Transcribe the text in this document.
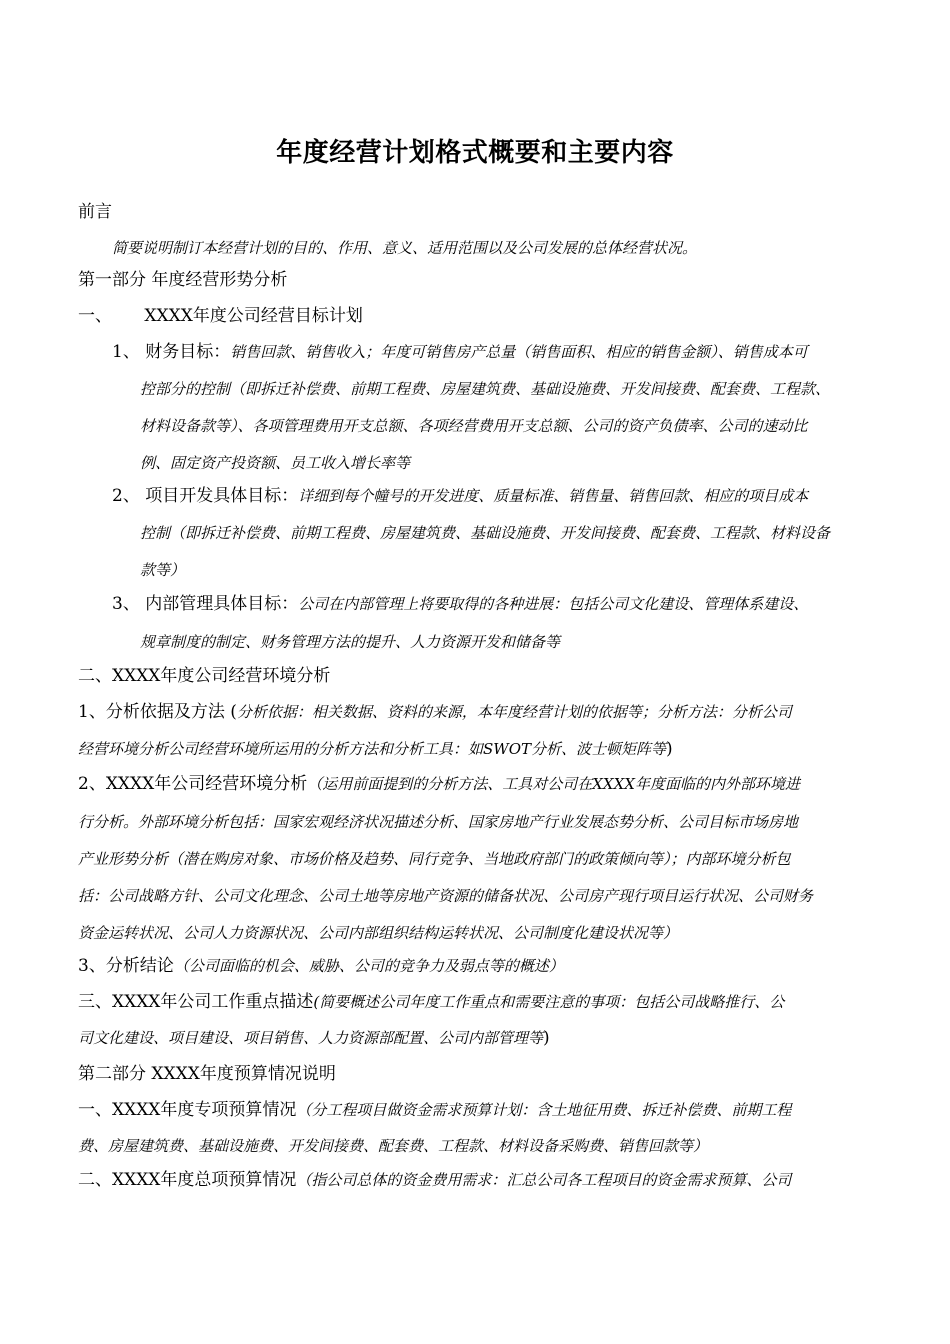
年度经营计划格式概要和主要内容
前言
简要说明制订本经营计划的目的、作用、意义、适用范围以及公司发展的总体经营状况。
第一部分 年度经营形势分析
一、      XXXX年度公司经营目标计划
1、 财务目标：销售回款、销售收入；年度可销售房产总量（销售面积、相应的销售金额）、销售成本可
控部分的控制（即拆迁补偿费、前期工程费、房屋建筑费、基础设施费、开发间接费、配套费、工程款、
材料设备款等）、各项管理费用开支总额、各项经营费用开支总额、公司的资产负债率、公司的速动比
例、固定资产投资额、员工收入增长率等
2、 项目开发具体目标：详细到每个幢号的开发进度、质量标准、销售量、销售回款、相应的项目成本
控制（即拆迁补偿费、前期工程费、房屋建筑费、基础设施费、开发间接费、配套费、工程款、材料设备
款等）
3、 内部管理具体目标：公司在内部管理上将要取得的各种进展：包括公司文化建设、管理体系建设、
规章制度的制定、财务管理方法的提升、人力资源开发和储备等
二、XXXX年度公司经营环境分析
1、分析依据及方法 (分析依据：相关数据、资料的来源，本年度经营计划的依据等；分析方法：分析公司
经营环境分析公司经营环境所运用的分析方法和分析工具：如SWOT分析、波士顿矩阵等)
2、XXXX年公司经营环境分析（运用前面提到的分析方法、工具对公司在XXXX年度面临的内外部环境进
行分析。外部环境分析包括：国家宏观经济状况描述分析、国家房地产行业发展态势分析、公司目标市场房地
产业形势分析（潜在购房对象、市场价格及趋势、同行竞争、当地政府部门的政策倾向等）；内部环境分析包
括：公司战略方针、公司文化理念、公司土地等房地产资源的储备状况、公司房产现行项目运行状况、公司财务
资金运转状况、公司人力资源状况、公司内部组织结构运转状况、公司制度化建设状况等）
3、分析结论（公司面临的机会、威胁、公司的竞争力及弱点等的概述）
三、XXXX年公司工作重点描述(简要概述公司年度工作重点和需要注意的事项：包括公司战略推行、公
司文化建设、项目建设、项目销售、人力资源部配置、公司内部管理等)
第二部分 XXXX年度预算情况说明
一、XXXX年度专项预算情况（分工程项目做资金需求预算计划：含土地征用费、拆迁补偿费、前期工程
费、房屋建筑费、基础设施费、开发间接费、配套费、工程款、材料设备采购费、销售回款等）
二、XXXX年度总项预算情况（指公司总体的资金费用需求：汇总公司各工程项目的资金需求预算、公司
